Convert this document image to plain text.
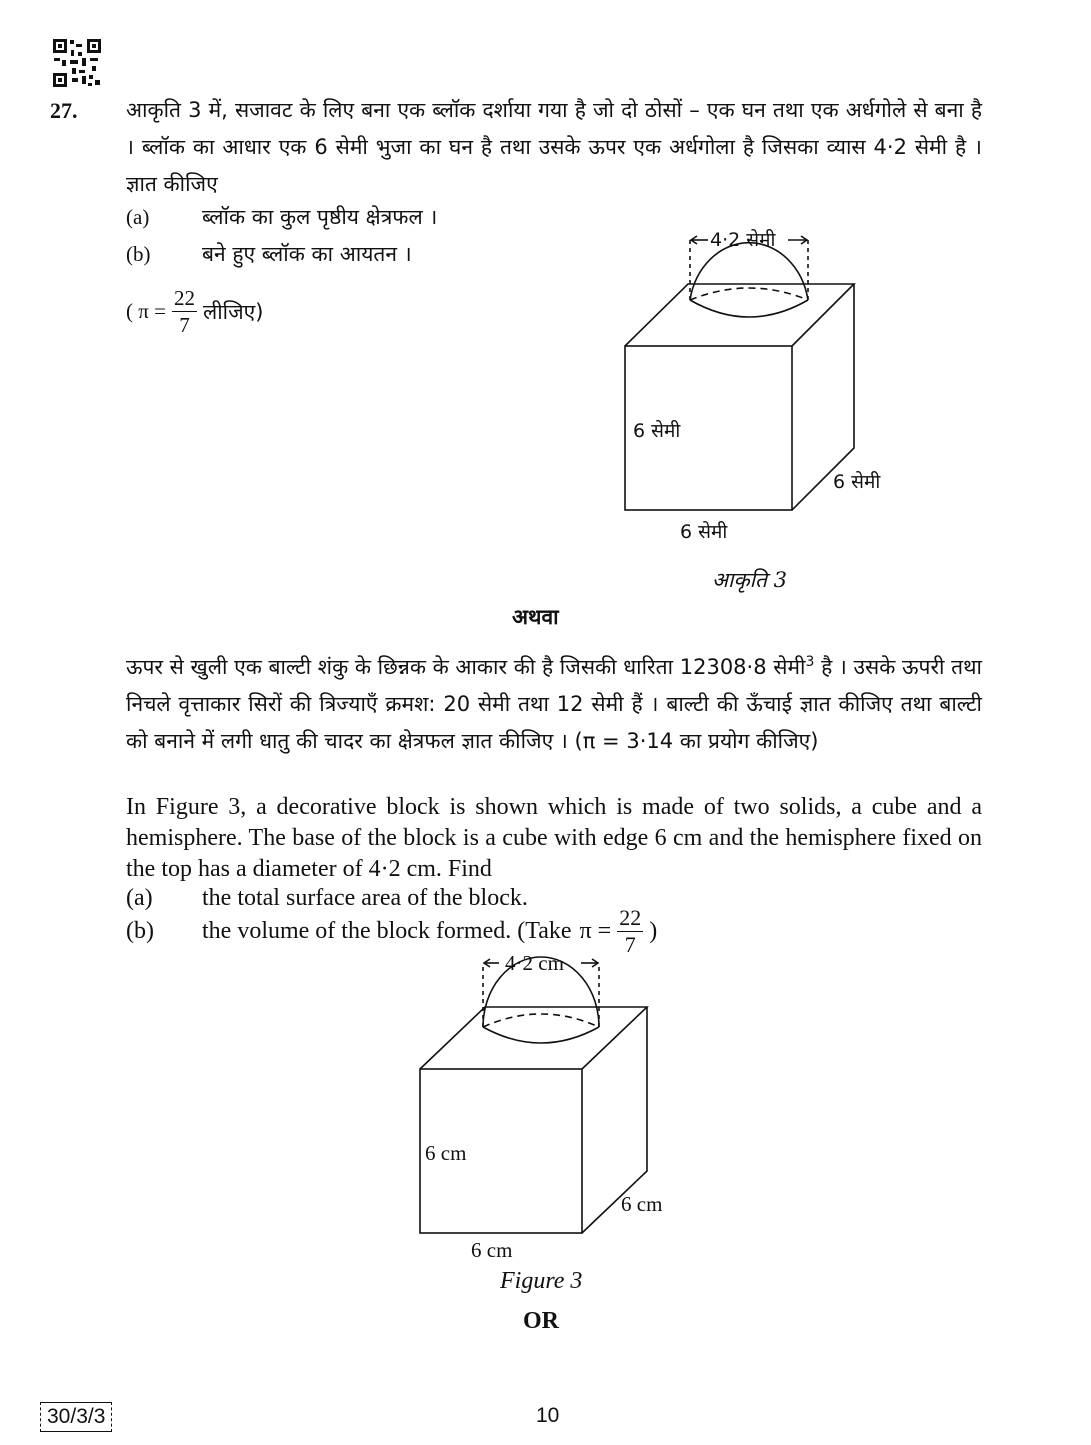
27. आकृति 3 में, सजावट के लिए बना एक ब्लॉक दर्शाया गया है जो दो ठोसों – एक घन तथा एक अर्धगोले से बना है । ब्लॉक का आधार एक 6 सेमी भुजा का घन है तथा उसके ऊपर एक अर्धगोला है जिसका व्यास 4·2 सेमी है । ज्ञात कीजिए
(a)	ब्लॉक का कुल पृष्ठीय क्षेत्रफल ।
(b) बने हुए ब्लॉक का आयतन ।
( $\pi = \frac{22}{7}$ लीजिए)
4·2 सेमी
6 सेमी
6 सेमी
6 सेमी
आकृति 3
अथवा
ऊपर से खुली एक बाल्टी शंकु के छिन्नक के आकार की है जिसकी धारिता 12308·8 सेमी$^3$ है । उसके ऊपरी तथा निचले वृत्ताकार सिरों की त्रिज्याएँ क्रमश: 20 सेमी तथा 12 सेमी हैं । बाल्टी की ऊँचाई ज्ञात कीजिए तथा बाल्टी को बनाने में लगी धातु की चादर का क्षेत्रफल ज्ञात कीजिए । (π = 3·14 का प्रयोग कीजिए)
In Figure 3, a decorative block is shown which is made of two solids, a cube and a hemisphere. The base of the block is a cube with edge 6 cm and the hemisphere fixed on the top has a diameter of 4·2 cm. Find
(a) the total surface area of the block.
(b)	the volume of the block formed. (Take $\pi = \frac{22}{7}$ )
4·2 cm
6 cm
6 cm
6 cm
Figure 3
OR
30/3/3	10
